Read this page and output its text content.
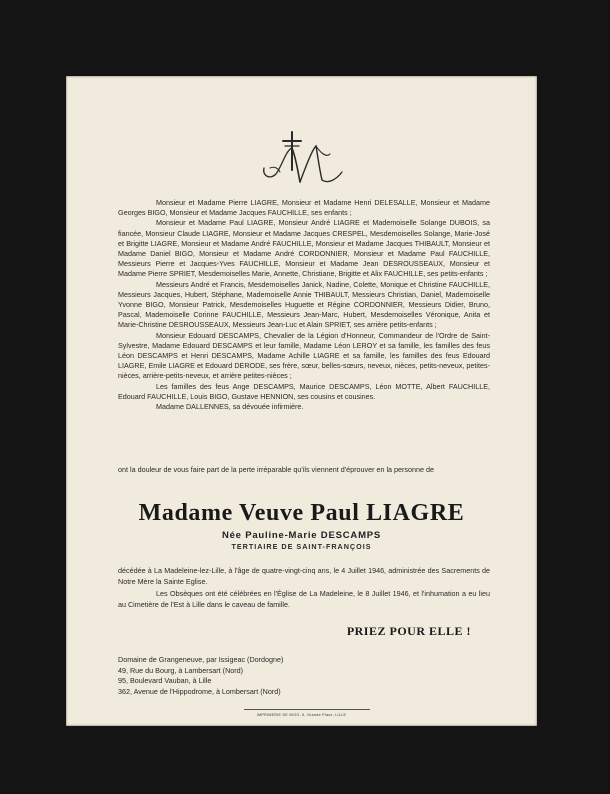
Monsieur et Madame Pierre LIAGRE, Monsieur et Madame Henri DELESALLE, Monsieur et Madame Georges BIGO, Monsieur et Madame Jacques FAUCHILLE, ses enfants ;

Monsieur et Madame Paul LIAGRE, Monsieur André LIAGRE et Mademoiselle Solange DUBOIS, sa fiancée, Monsieur Claude LIAGRE, Monsieur et Madame Jacques CRESPEL, Mesdemoiselles Solange, Marie-José et Brigitte LIAGRE, Monsieur et Madame André FAUCHILLE, Monsieur et Madame Jacques THIBAULT, Monsieur et Madame Daniel BIGO, Monsieur et Madame André CORDONNIER, Monsieur et Madame Paul FAUCHILLE, Messieurs Pierre et Jacques-Yves FAUCHILLE, Monsieur et Madame Jean DESROUSSEAUX, Monsieur et Madame Pierre SPRIET, Mesdemoiselles Marie, Annette, Christiane, Brigitte et Alix FAUCHILLE, ses petits-enfants ;

Messieurs André et Francis, Mesdemoiselles Janick, Nadine, Colette, Monique et Christine FAUCHILLE, Messieurs Jacques, Hubert, Stéphane, Mademoiselle Annie THIBAULT, Messieurs Christian, Daniel, Mademoiselle Yvonne BIGO, Monsieur Patrick, Mesdemoiselles Huguette et Régine CORDONNIER, Messieurs Didier, Bruno, Pascal, Mademoiselle Corinne FAUCHILLE, Messieurs Jean-Marc, Hubert, Mesdemoiselles Véronique, Anita et Marie-Christine DESROUSSEAUX, Messieurs Jean-Luc et Alain SPRIET, ses arrière petits-enfants ;

Monsieur Edouard DESCAMPS, Chevalier de la Légion d'Honneur, Commandeur de l'Ordre de Saint-Sylvestre, Madame Edouard DESCAMPS et leur famille, Madame Léon LEROY et sa famille, les familles des feus Léon DESCAMPS et Henri DESCAMPS, Madame Achille LIAGRE et sa famille, les familles des feus Edouard LIAGRE, Emile LIAGRE et Edouard DERODE, ses frère, sœur, belles-sœurs, neveux, nièces, petits-neveux, petites-nièces, arrière-petits-neveux, et arrière petites-nièces ;

Les familles des feus Ange DESCAMPS, Maurice DESCAMPS, Léon MOTTE, Albert FAUCHILLE, Edouard FAUCHILLE, Louis BIGO, Gustave HENNION, ses cousins et cousines.

Madame DALLENNES, sa dévouée infirmière.

ont la douleur de vous faire part de la perte irréparable qu'ils viennent d'éprouver en la personne de

Madame Veuve Paul LIAGRE
Née Pauline-Marie DESCAMPS
TERTIAIRE DE SAINT-FRANÇOIS

décédée à La Madeleine-lez-Lille, à l'âge de quatre-vingt-cinq ans, le 4 Juillet 1946, administrée des Sacrements de Notre Mère la Sainte Eglise.

Les Obsèques ont été célébrées en l'Église de La Madeleine, le 8 Juillet 1946, et l'inhumation a eu lieu au Cimetière de l'Est à Lille dans le caveau de famille.

PRIEZ POUR ELLE !
Domaine de Grangeneuve, par Issigeac (Dordogne)
49, Rue du Bourg, à Lambersart (Nord)
95, Boulevard Vauban, à Lille
362, Avenue de l'Hippodrome, à Lombersart (Nord)
IMPRIMERIE DE BIGO, 6, Grande Place, LILLE
